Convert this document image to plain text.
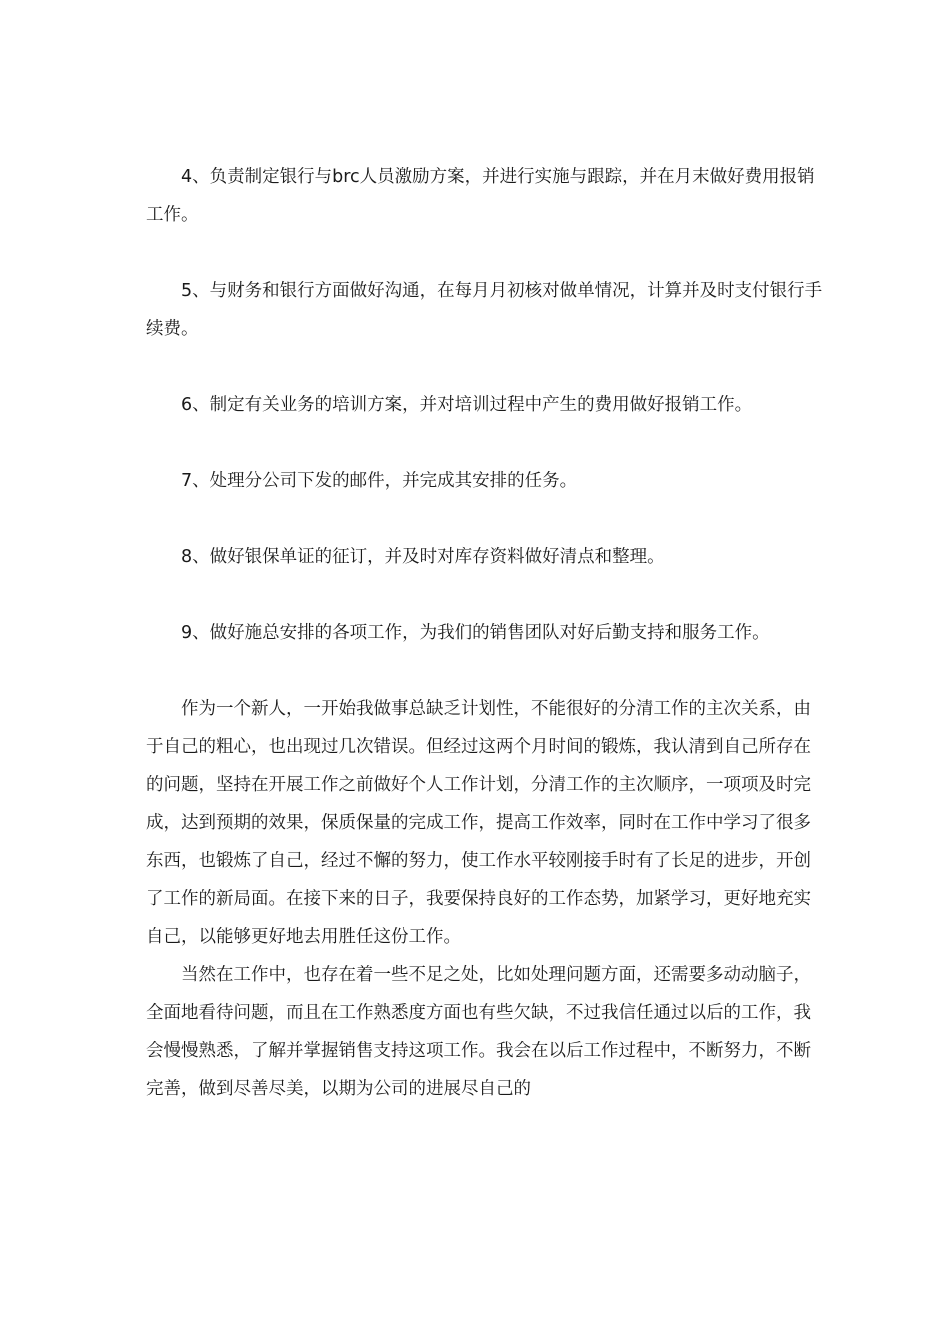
4、负责制定银行与brc人员激励方案，并进行实施与跟踪，并在月末做好费用报销工作。

5、与财务和银行方面做好沟通，在每月月初核对做单情况，计算并及时支付银行手续费。

6、制定有关业务的培训方案，并对培训过程中产生的费用做好报销工作。

7、处理分公司下发的邮件，并完成其安排的任务。

8、做好银保单证的征订，并及时对库存资料做好清点和整理。

9、做好施总安排的各项工作，为我们的销售团队对好后勤支持和服务工作。

作为一个新人，一开始我做事总缺乏计划性，不能很好的分清工作的主次关系，由于自己的粗心，也出现过几次错误。但经过这两个月时间的锻炼，我认清到自己所存在的问题，坚持在开展工作之前做好个人工作计划，分清工作的主次顺序，一项项及时完成，达到预期的效果，保质保量的完成工作，提高工作效率，同时在工作中学习了很多东西，也锻炼了自己，经过不懈的努力，使工作水平较刚接手时有了长足的进步，开创了工作的新局面。在接下来的日子，我要保持良好的工作态势，加紧学习，更好地充实自己，以能够更好地去用胜任这份工作。

当然在工作中，也存在着一些不足之处，比如处理问题方面，还需要多动动脑子，全面地看待问题，而且在工作熟悉度方面也有些欠缺，不过我信任通过以后的工作，我会慢慢熟悉，了解并掌握销售支持这项工作。我会在以后工作过程中，不断努力，不断完善，做到尽善尽美，以期为公司的进展尽自己的
